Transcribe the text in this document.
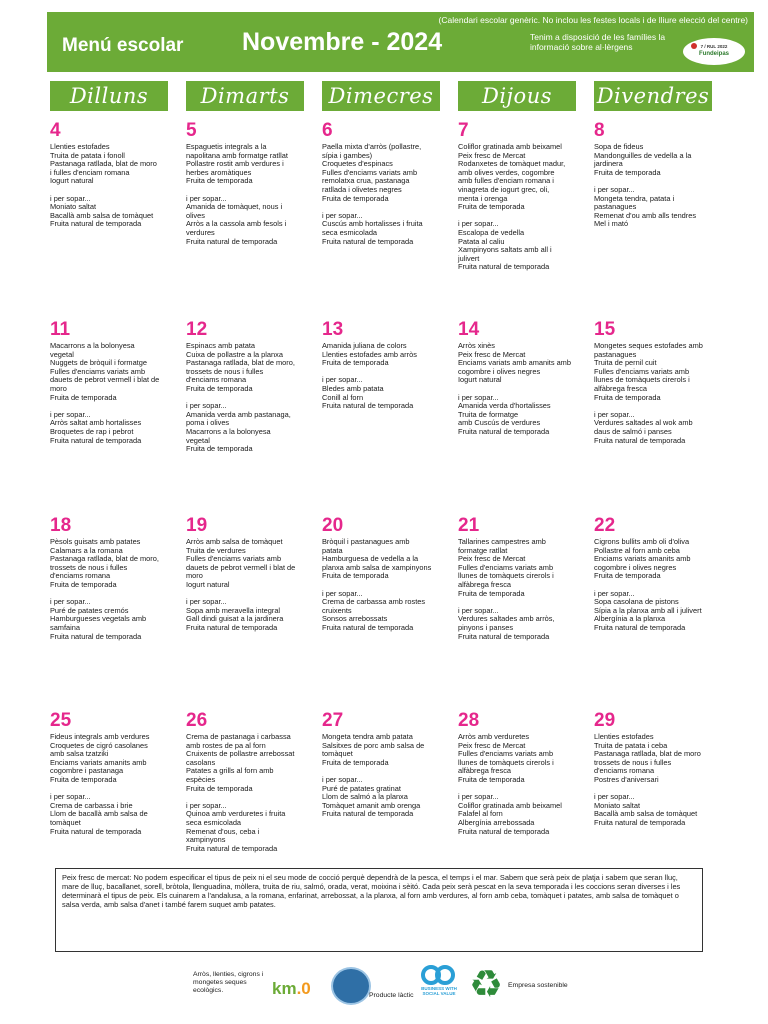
(Calendari escolar genèric. No inclou les festes locals i de lliure elecció del centre)
Menú escolar Novembre - 2024	Tenim a disposició de les famílies la informació sobre al·lèrgens	7 / RUL 2022
Fundeipas
Dilluns	Dimarts	Dimecres	Dijous	Divendres
4
Llenties estofades
Truita de patata i fonoll
Pastanaga ratllada, blat de moro
i fulles d'enciam romana
Iogurt natural

i per sopar...
Moniato saltat
Bacallà amb salsa de tomàquet
Fruita natural de temporada
5
Espaguetis integrals a la
napolitana amb formatge ratllat
Pollastre rostit amb verdures i
herbes aromàtiques
Fruita de temporada

i per sopar...
Amanida de tomàquet, nous i
olives
Arròs a la cassola amb fesols i
verdures
Fruita natural de temporada
6
Paella mixta d'arròs (pollastre,
sípia i gambes)
Croquetes d'espinacs
Fulles d'enciams variats amb
remolatxa crua, pastanaga
ratllada i olivetes negres
Fruita de temporada

i per sopar...
Cuscús amb hortalisses i fruita
seca esmicolada
Fruita natural de temporada
7
Coliflor gratinada amb beixamel
Peix fresc de Mercat
Rodanxetes de tomàquet madur,
amb olives verdes, cogombre
amb fulles d'enciam romana i
vinagreta de iogurt grec, oli,
menta i orenga
Fruita de temporada

i per sopar...
Escalopa de vedella
Patata al caliu
Xampinyons saltats amb all i
julivert
Fruita natural de temporada
8
Sopa de fideus
Mandonguilles de vedella a la
jardinera
Fruita de temporada

i per sopar...
Mongeta tendra, patata i
pastanagues
Remenat d'ou amb alls tendres
Mel i mató
11
Macarrons a la bolonyesa
vegetal
Nuggets de bròquil i formatge
Fulles d'enciams variats amb
dauets de pebrot vermell i blat de
moro
Fruita de temporada

i per sopar...
Arròs saltat amb hortalisses
Broquetes de rap i pebrot
Fruita natural de temporada
12
Espinacs amb patata
Cuixa de pollastre a la planxa
Pastanaga ratllada, blat de moro,
trossets de nous i fulles
d'enciams romana
Fruita de temporada

i per sopar...
Amanida verda amb pastanaga,
poma i olives
Macarrons a la bolonyesa
vegetal
Fruita de temporada
13
Amanida juliana de colors
Llenties estofades amb arròs
Fruita de temporada

i per sopar...
Bledes amb patata
Conill al forn
Fruita natural de temporada
14
Arròs xinès
Peix fresc de Mercat
Enciams variats amb amanits amb
cogombre i olives negres
Iogurt natural

i per sopar...
Amanida verda d'hortalisses
Truita de formatge
amb Cuscús de verdures
Fruita natural de temporada
15
Mongetes seques estofades amb
pastanagues
Truita de pernil cuit
Fulles d'enciams variats amb
llunes de tomàquets cirerols i
alfàbrega fresca
Fruita de temporada

i per sopar...
Verdures saltades al wok amb
daus de salmó i panses
Fruita natural de temporada
18
Pèsols guisats amb patates
Calamars a la romana
Pastanaga ratllada, blat de moro,
trossets de nous i fulles
d'enciams romana
Fruita de temporada

i per sopar...
Puré de patates cremós
Hamburgueses vegetals amb
samfaina
Fruita natural de temporada
19
Arròs amb salsa de tomàquet
Truita de verdures
Fulles d'enciams variats amb
dauets de pebrot vermell i blat de
moro
Iogurt natural

i per sopar...
Sopa amb meravella integral
Gall dindi guisat a la jardinera
Fruita natural de temporada
20
Bròquil i pastanagues amb
patata
Hamburguesa de vedella a la
planxa amb salsa de xampinyons
Fruita de temporada

i per sopar...
Crema de carbassa amb rostes
cruixents
Sonsos arrebossats
Fruita natural de temporada
21
Tallarines campestres amb
formatge ratllat
Peix fresc de Mercat
Fulles d'enciams variats amb
llunes de tomàquets cirerols i
alfàbrega fresca
Fruita de temporada

i per sopar...
Verdures saltades amb arròs,
pinyons i panses
Fruita natural de temporada
22
Cigrons bullits amb oli d'oliva
Pollastre al forn amb ceba
Enciams variats amanits amb
cogombre i olives negres
Fruita de temporada

i per sopar...
Sopa casolana de pistons
Sípia a la planxa amb all i julivert
Albergínia a la planxa
Fruita natural de temporada
25
Fideus integrals amb verdures
Croquetes de cigró casolanes
amb salsa tzatziki
Enciams variats amanits amb
cogombre i pastanaga
Fruita de temporada

i per sopar...
Crema de carbassa i brie
Llom de bacallà amb salsa de
tomàquet
Fruita natural de temporada
26
Crema de pastanaga i carbassa
amb rostes de pa al forn
Cruixents de pollastre arrebossat
casolans
Patates a grills al forn amb
espècies
Fruita de temporada

i per sopar...
Quinoa amb verduretes i fruita
seca esmicolada
Remenat d'ous, ceba i
xampinyons
Fruita natural de temporada
27
Mongeta tendra amb patata
Salsitxes de porc amb salsa de
tomàquet
Fruita de temporada

i per sopar...
Puré de patates gratinat
Llom de salmó a la planxa
Tomàquet amanit amb orenga
Fruita natural de temporada
28
Arròs amb verduretes
Peix fresc de Mercat
Fulles d'enciams variats amb
llunes de tomàquets cirerols i
alfàbrega fresca
Fruita de temporada

i per sopar...
Coliflor gratinada amb beixamel
Falafel al forn
Albergínia arrebossada
Fruita natural de temporada
29
Llenties estofades
Truita de patata i ceba
Pastanaga ratllada, blat de moro
trossets de nous i fulles
d'enciams romana
Postres d'aniversari

i per sopar...
Moniato saltat
Bacallà amb salsa de tomàquet
Fruita natural de temporada
Peix fresc de mercat: No podem especificar el tipus de peix ni el seu mode de cocció perquè dependrà de la pesca, el temps i el mar. Sabem que serà peix de platja i sabem que seran lluç, mare de lluç, bacallanet, sorell, bròtola, llenguadina, mòllera, truita de riu, salmó, orada, verat, moixina i sèitó. Cada peix serà pescat en la seva temporada i les coccions seran diverses i les determinarà el tipus de peix. Els cuinarem a l'andalusa, a la romana, enfarinat, arrebossat, a la planxa, al forn amb verdures, al forn amb ceba, tomàquet i patates, amb salsa de tomàquet o salsa verda, amb salsa d'anet i també farem suquet amb patates.
Arròs, llenties, cigrons i mongetes seques ecològics.	km.0	Producte làctic
BUSINESS WITH SOCIAL VALUE ♻ Empresa sostenible
